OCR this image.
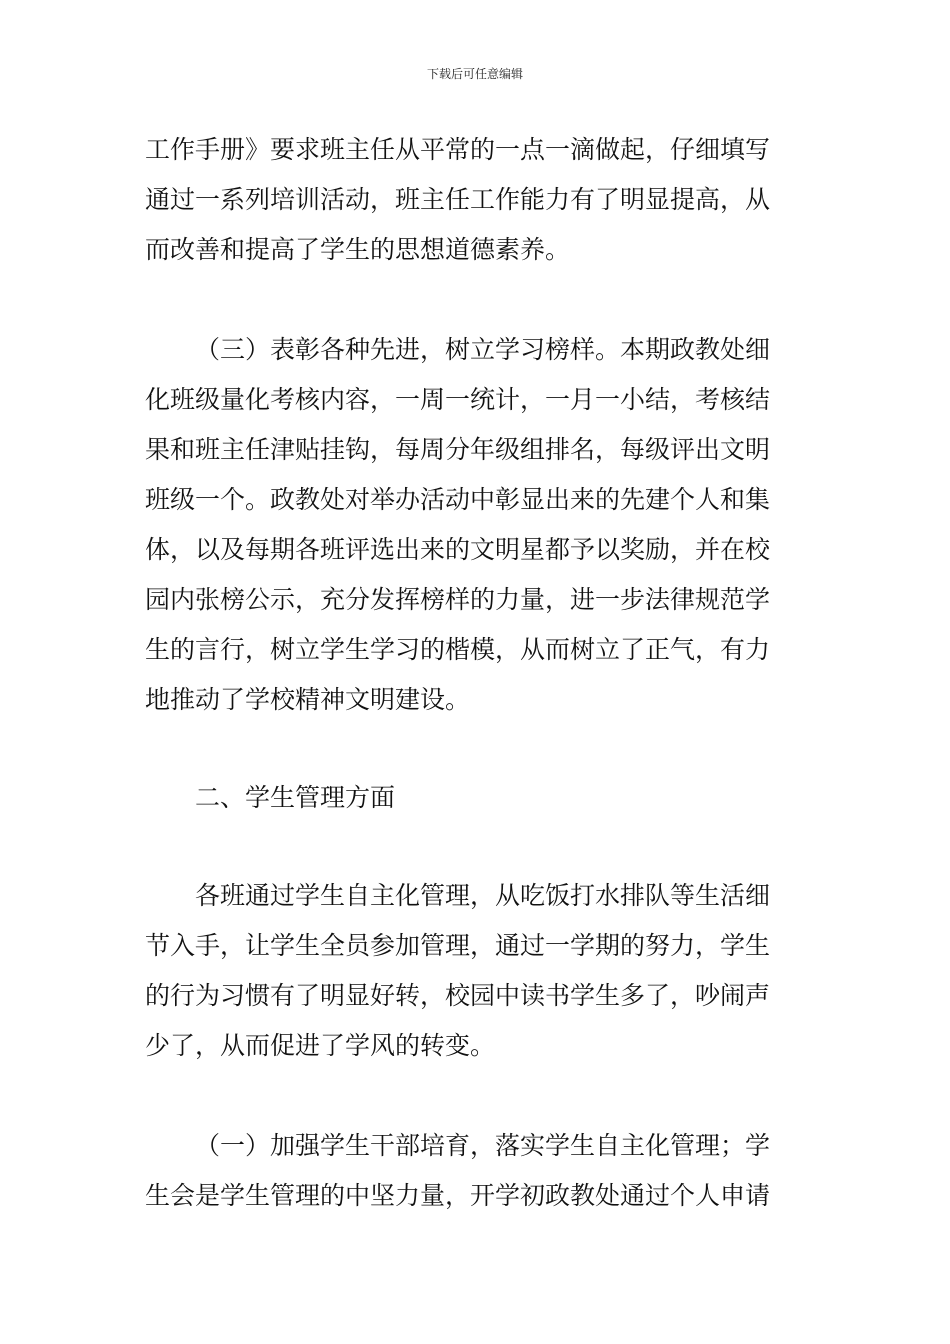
下载后可任意编辑
工作手册》要求班主任从平常的一点一滴做起，仔细填写
通过一系列培训活动，班主任工作能力有了明显提高，从
而改善和提高了学生的思想道德素养。
（三）表彰各种先进，树立学习榜样。本期政教处细
化班级量化考核内容，一周一统计，一月一小结，考核结
果和班主任津贴挂钩，每周分年级组排名，每级评出文明
班级一个。政教处对举办活动中彰显出来的先建个人和集
体，以及每期各班评选出来的文明星都予以奖励，并在校
园内张榜公示，充分发挥榜样的力量，进一步法律规范学
生的言行，树立学生学习的楷模，从而树立了正气，有力
地推动了学校精神文明建设。
二、学生管理方面
各班通过学生自主化管理，从吃饭打水排队等生活细
节入手，让学生全员参加管理，通过一学期的努力，学生
的行为习惯有了明显好转，校园中读书学生多了，吵闹声
少了，从而促进了学风的转变。
（一）加强学生干部培育，落实学生自主化管理；学
生会是学生管理的中坚力量，开学初政教处通过个人申请
